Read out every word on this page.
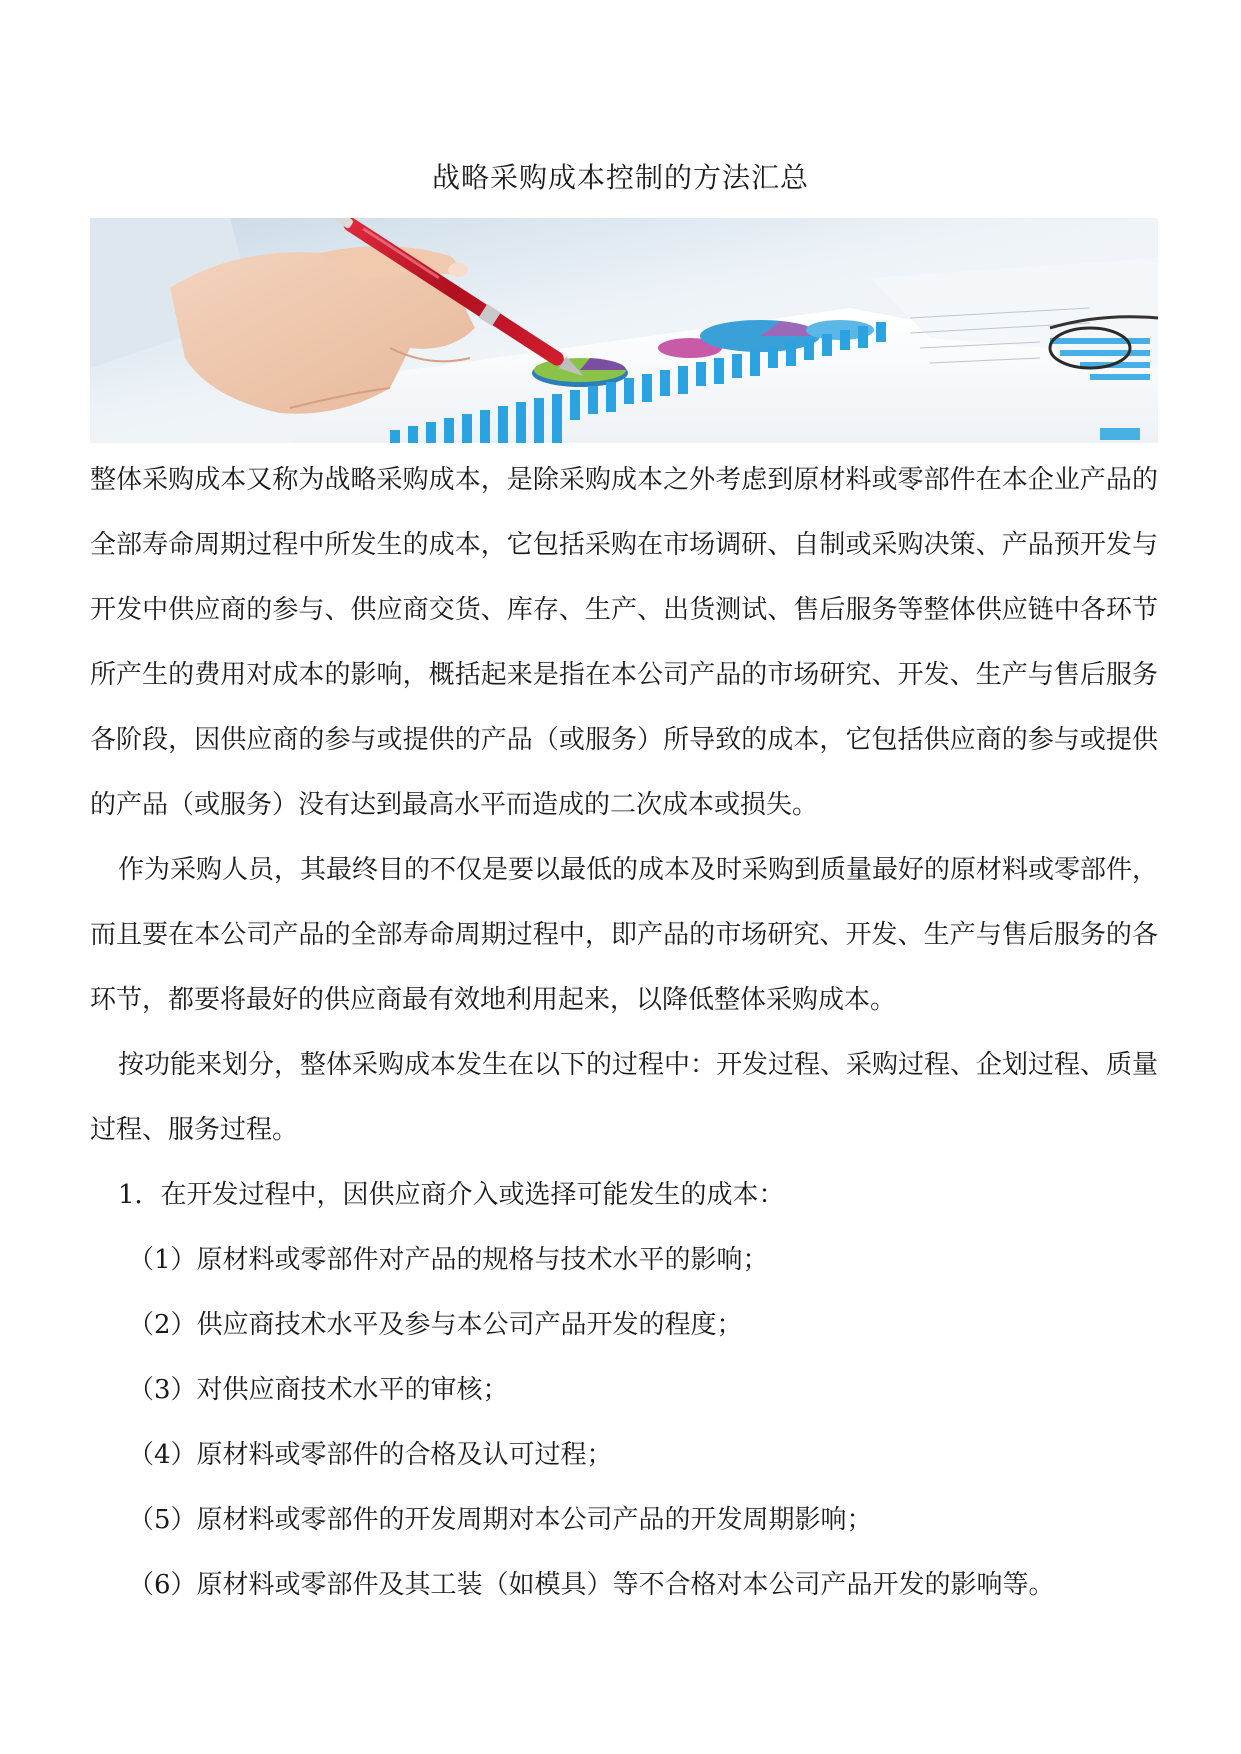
战略采购成本控制的方法汇总

整体采购成本又称为战略采购成本，是除采购成本之外考虑到原材料或零部件在本企业产品的全部寿命周期过程中所发生的成本，它包括采购在市场调研、自制或采购决策、产品预开发与开发中供应商的参与、供应商交货、库存、生产、出货测试、售后服务等整体供应链中各环节所产生的费用对成本的影响，概括起来是指在本公司产品的市场研究、开发、生产与售后服务各阶段，因供应商的参与或提供的产品（或服务）所导致的成本，它包括供应商的参与或提供的产品（或服务）没有达到最高水平而造成的二次成本或损失。

作为采购人员，其最终目的不仅是要以最低的成本及时采购到质量最好的原材料或零部件，而且要在本公司产品的全部寿命周期过程中，即产品的市场研究、开发、生产与售后服务的各环节，都要将最好的供应商最有效地利用起来，以降低整体采购成本。

按功能来划分，整体采购成本发生在以下的过程中：开发过程、采购过程、企划过程、质量过程、服务过程。

1．在开发过程中，因供应商介入或选择可能发生的成本：

（1）原材料或零部件对产品的规格与技术水平的影响；

（2）供应商技术水平及参与本公司产品开发的程度；

（3）对供应商技术水平的审核；

（4）原材料或零部件的合格及认可过程；

（5）原材料或零部件的开发周期对本公司产品的开发周期影响；

（6）原材料或零部件及其工装（如模具）等不合格对本公司产品开发的影响等。
